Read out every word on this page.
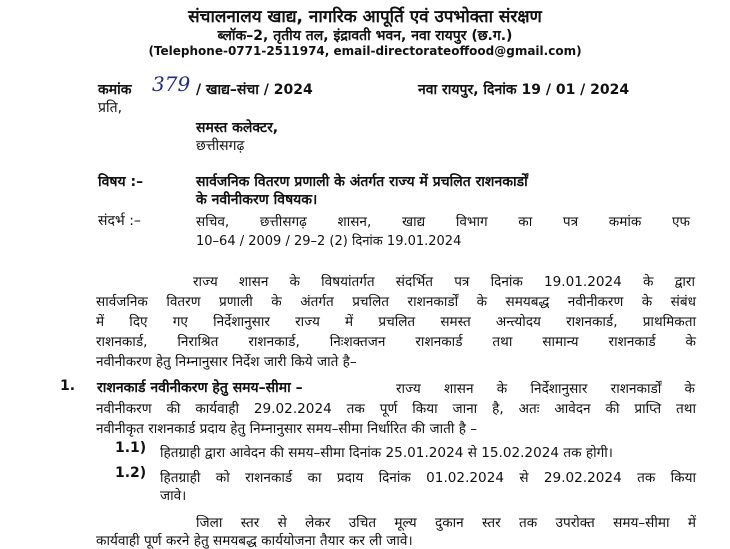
संचालनालय खाद्य, नागरिक आपूर्ति एवं उपभोक्ता संरक्षण
ब्लॉक–2, तृतीय तल, इंद्रावती भवन, नवा रायपुर (छ.ग.)
(Telephone-0771-2511974, email-directorateoffood@gmail.com)
कमांक 379 / खाद्य–संचा / 2024	नवा रायपुर, दिनांक 19 / 01 / 2024
प्रति,
समस्त कलेक्टर,
छत्तीसगढ़
विषय :–	सार्वजनिक वितरण प्रणाली के अंतर्गत राज्य में प्रचलित राशनकार्डों
के नवीनीकरण विषयक।
संदर्भ :–	सचिव, छत्तीसगढ़ शासन, खाद्य विभाग का पत्र कमांक एफ
10–64 / 2009 / 29–2 (2) दिनांक 19.01.2024
राज्य शासन के विषयांतर्गत संदर्भित पत्र दिनांक 19.01.2024 के द्वारा
सार्वजनिक वितरण प्रणाली के अंतर्गत प्रचलित राशनकार्डों के समयबद्ध नवीनीकरण के संबंध
में दिए गए निर्देशानुसार राज्य में प्रचलित समस्त अन्त्योदय राशनकार्ड, प्राथमिकता
राशनकार्ड, निराश्रित राशनकार्ड, निःशक्तजन राशनकार्ड तथा सामान्य राशनकार्ड के
नवीनीकरण हेतु निम्नानुसार निर्देश जारी किये जाते है–
1. राशनकार्ड नवीनीकरण हेतु समय–सीमा –	राज्य शासन के निर्देशानुसार राशनकार्डों के
नवीनीकरण की कार्यवाही 29.02.2024 तक पूर्ण किया जाना है, अतः आवेदन की प्राप्ति तथा
नवीनीकृत राशनकार्ड प्रदाय हेतु निम्नानुसार समय–सीमा निर्धारित की जाती है –
1.1) हितग्राही द्वारा आवेदन की समय–सीमा दिनांक 25.01.2024 से 15.02.2024 तक होगी।
1.2) हितग्राही को राशनकार्ड का प्रदाय दिनांक 01.02.2024 से 29.02.2024 तक किया
जावे।
जिला स्तर से लेकर उचित मूल्य दुकान स्तर तक उपरोक्त समय–सीमा में
कार्यवाही पूर्ण करने हेतु समयबद्ध कार्ययोजना तैयार कर ली जावे।
